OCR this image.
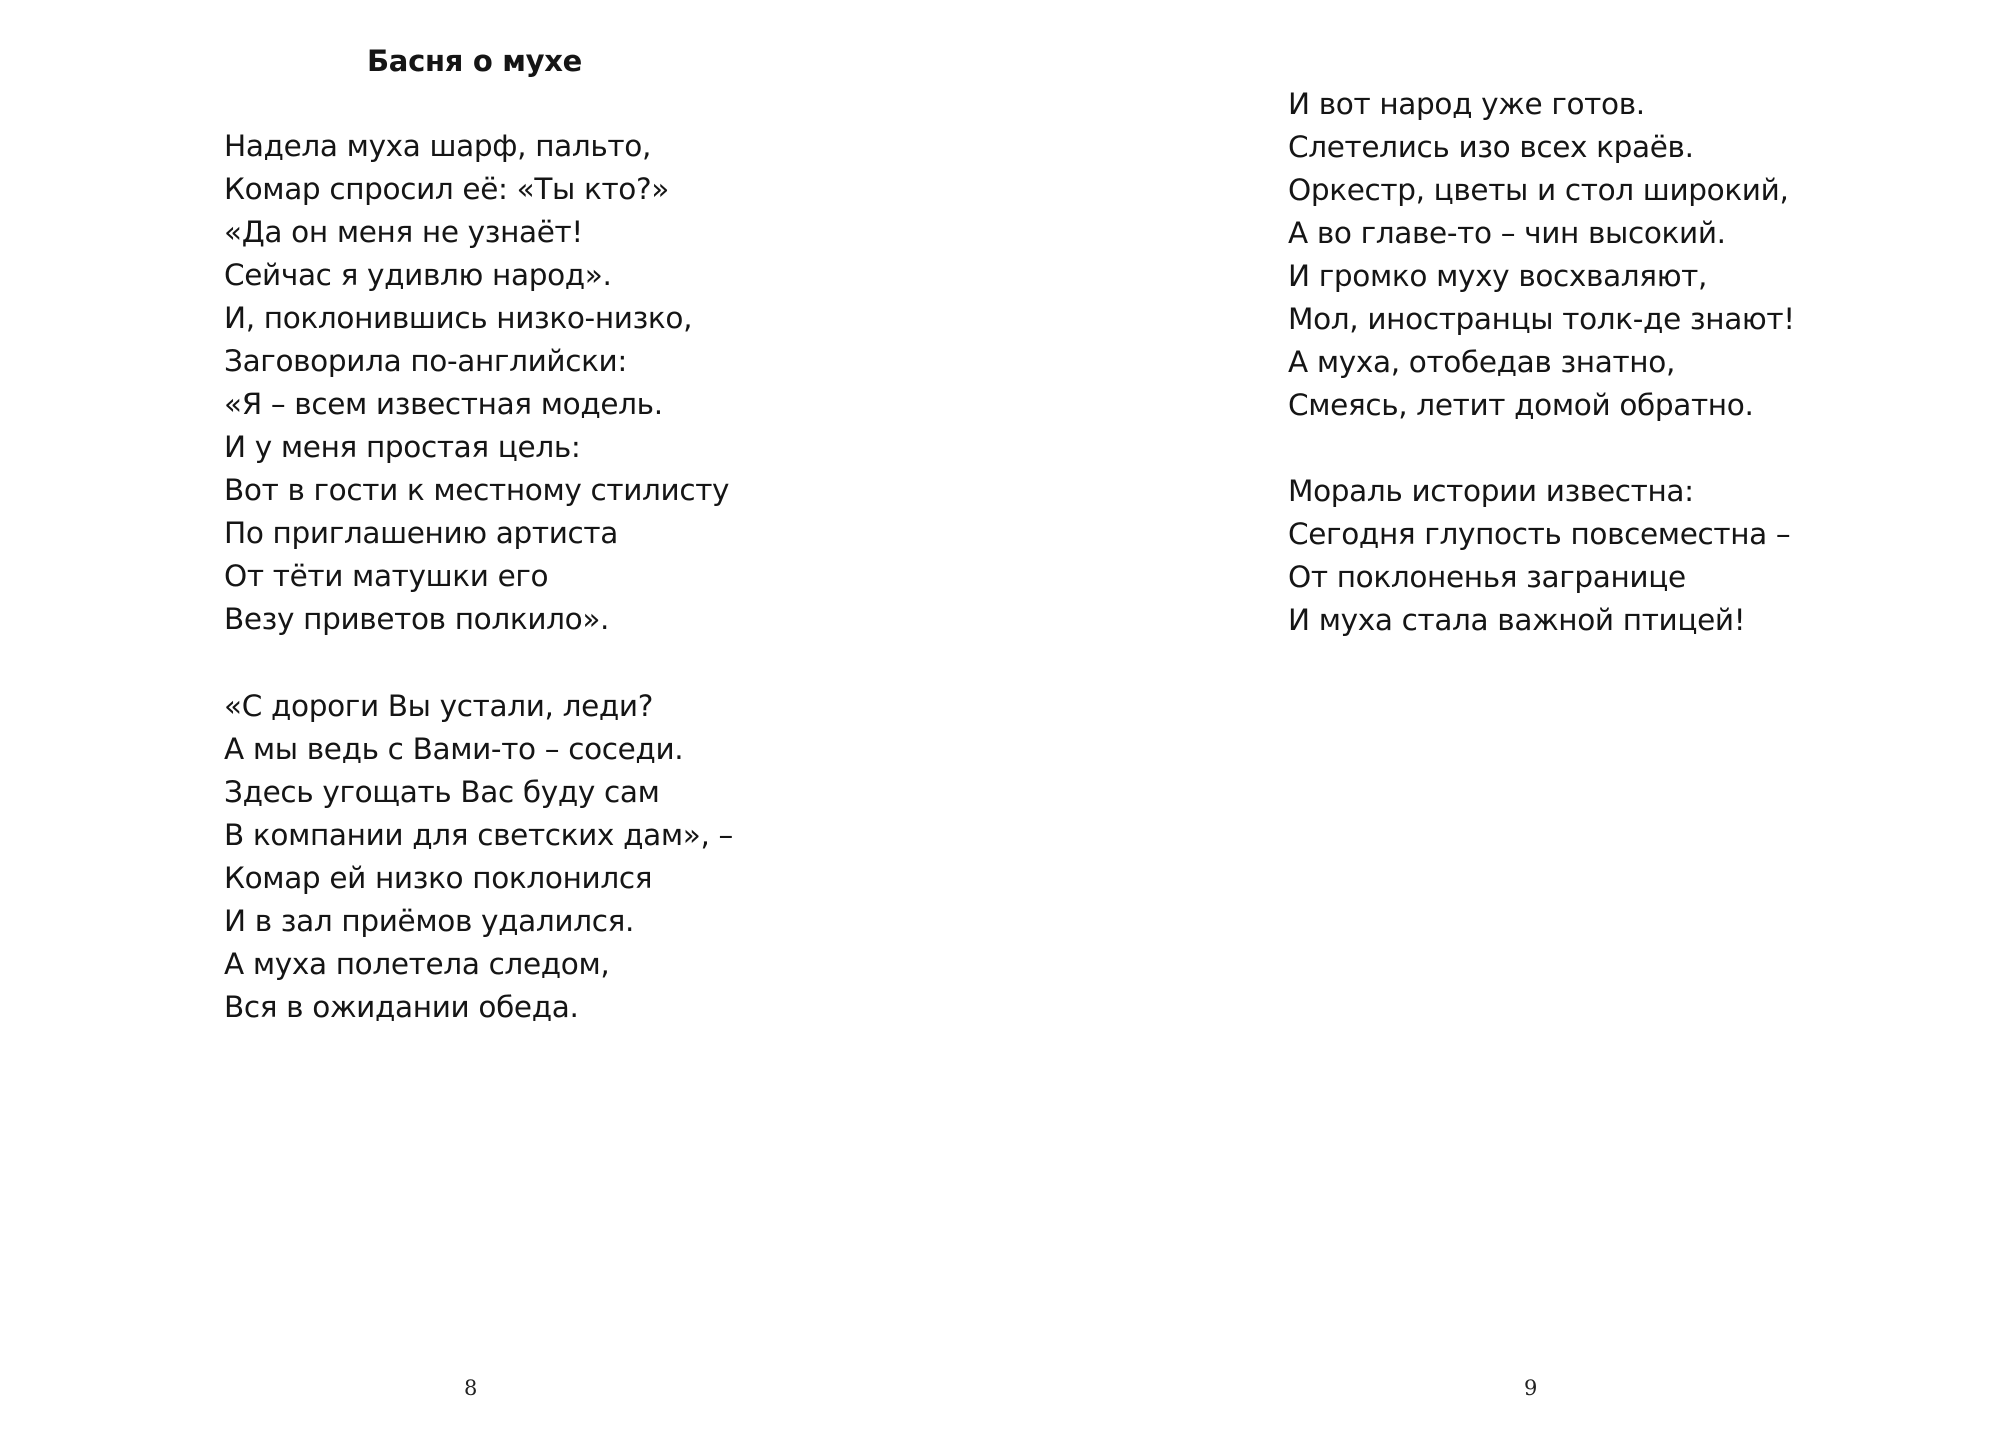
Басня о мухе
Надела муха шарф, пальто,
Комар спросил её: «Ты кто?»
«Да он меня не узнаёт!
Сейчас я удивлю народ».
И, поклонившись низко-низко,
Заговорила по-английски:
«Я – всем известная модель.
И у меня простая цель:
Вот в гости к местному стилисту
По приглашению артиста
От тёти матушки его
Везу приветов полкило».
«С дороги Вы устали, леди?
А мы ведь с Вами-то – соседи.
Здесь угощать Вас буду сам
В компании для светских дам», –
Комар ей низко поклонился
И в зал приёмов удалился.
А муха полетела следом,
Вся в ожидании обеда.
8
И вот народ уже готов.
Слетелись изо всех краёв.
Оркестр, цветы и стол широкий,
А во главе-то – чин высокий.
И громко муху восхваляют,
Мол, иностранцы толк-де знают!
А муха, отобедав знатно,
Смеясь, летит домой обратно.
Мораль истории известна:
Сегодня глупость повсеместна –
От поклоненья загранице
И муха стала важной птицей!
9
